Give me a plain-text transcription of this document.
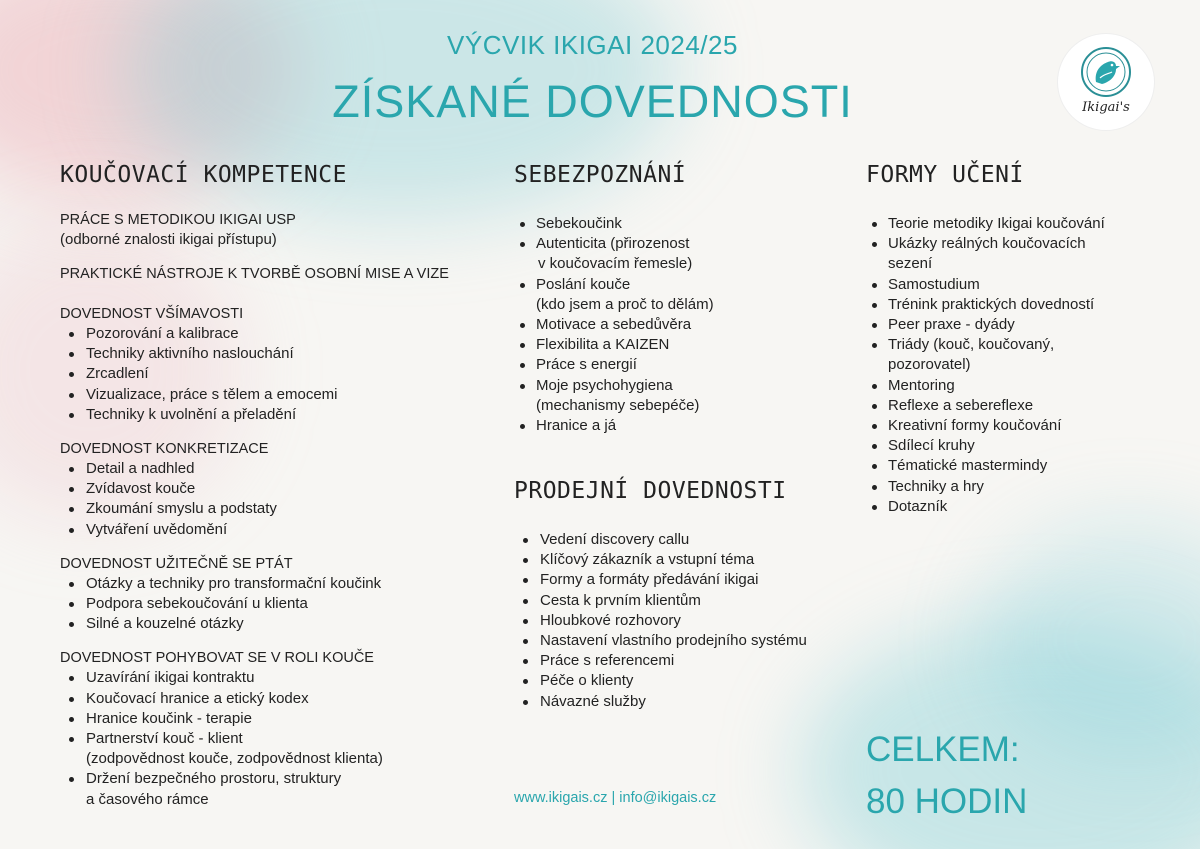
VÝCVIK IKIGAI 2024/25
ZÍSKANÉ DOVEDNOSTI	Ikigai's
KOUČOVACÍ KOMPETENCE

PRÁCE S METODIKOU IKIGAI USP

(odborné znalosti ikigai přístupu)

PRAKTICKÉ NÁSTROJE K TVORBĚ OSOBNÍ MISE A VIZE

DOVEDNOST VŠÍMAVOSTI

Pozorování a kalibrace
Techniky aktivního naslouchání
Zrcadlení
Vizualizace, práce s tělem a emocemi
Techniky k uvolnění a přeladění

DOVEDNOST KONKRETIZACE

Detail a nadhled
Zvídavost kouče
Zkoumání smyslu a podstaty
Vytváření uvědomění

DOVEDNOST UŽITEČNĚ SE PTÁT

Otázky a techniky pro transformační koučink
Podpora sebekoučování u klienta
Silné a kouzelné otázky

DOVEDNOST POHYBOVAT SE V ROLI KOUČE

Uzavírání ikigai kontraktu
Koučovací hranice a etický kodex
Hranice koučink - terapie
Partnerství kouč - klient
(zodpovědnost kouče, zodpovědnost klienta)
Držení bezpečného prostoru, struktury
a časového rámce
SEBEZPOZNÁNÍ
Sebekoučink
Autenticita (přirozenost
v koučovacím řemesle)
Poslání kouče
(kdo jsem a proč to dělám)
Motivace a sebedůvěra
Flexibilita a KAIZEN
Práce s energií
Moje psychohygiena
(mechanismy sebepéče)
Hranice a já
PRODEJNÍ DOVEDNOSTI
Vedení discovery callu
Klíčový zákazník a vstupní téma
Formy a formáty předávání ikigai
Cesta k prvním klientům
Hloubkové rozhovory
Nastavení vlastního prodejního systému
Práce s referencemi
Péče o klienty
Návazné služby
FORMY UČENÍ
Teorie metodiky Ikigai koučování
Ukázky reálných koučovacích sezení
Samostudium
Trénink praktických dovedností
Peer praxe - dyády
Triády (kouč, koučovaný, pozorovatel)
Mentoring
Reflexe a sebereflexe
Kreativní formy koučování
Sdílecí kruhy
Tématické mastermindy
Techniky a hry
Dotazník
CELKEM:
80 HODIN
www.ikigais.cz | info@ikigais.cz
